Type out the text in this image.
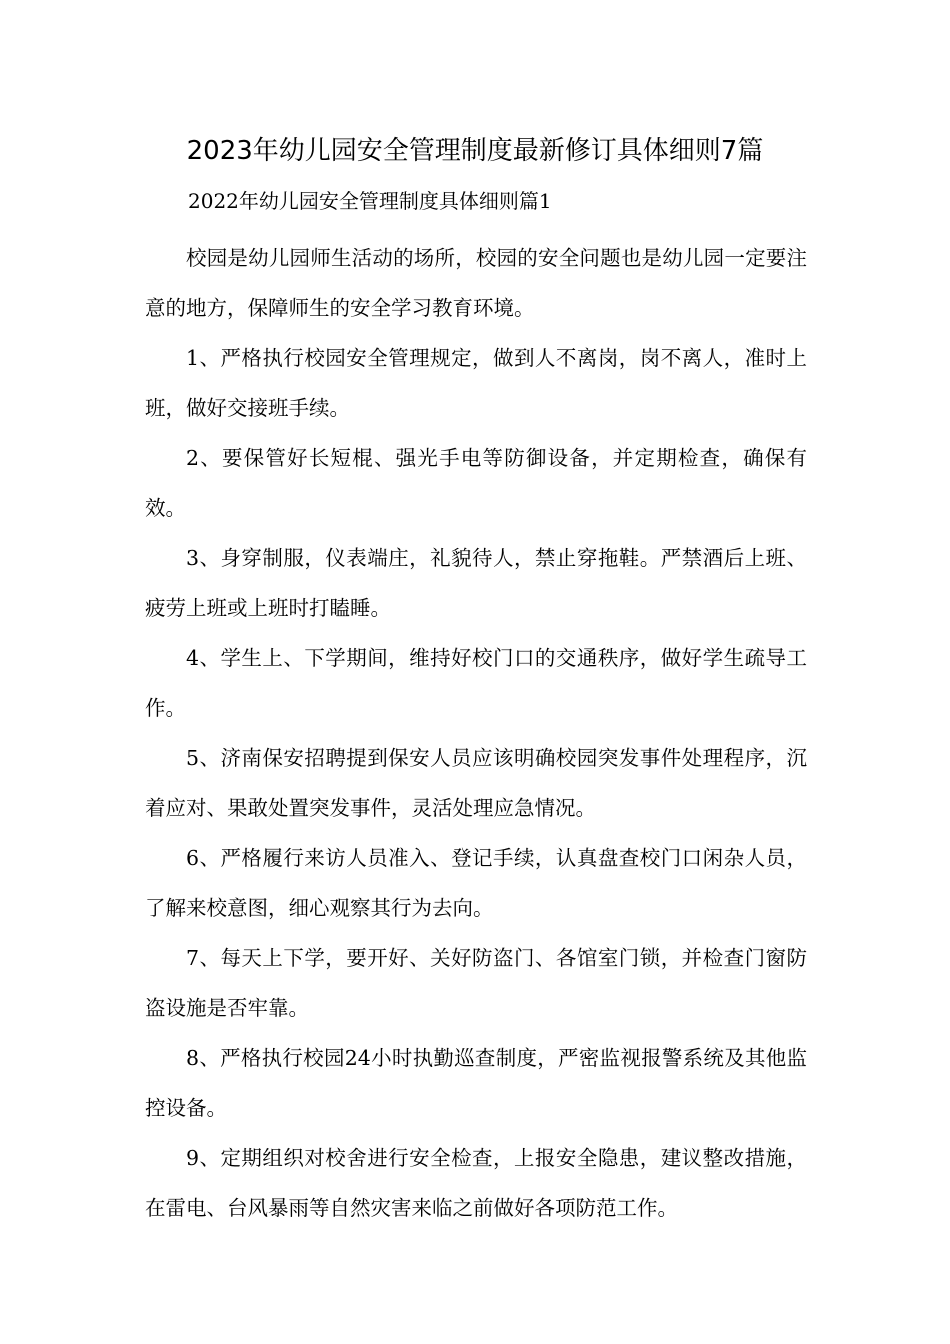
2023年幼儿园安全管理制度最新修订具体细则7篇
2022年幼儿园安全管理制度具体细则篇1

校园是幼儿园师生活动的场所，校园的安全问题也是幼儿园一定要注意的地方，保障师生的安全学习教育环境。

1、严格执行校园安全管理规定，做到人不离岗，岗不离人，准时上班，做好交接班手续。

2、要保管好长短棍、强光手电等防御设备，并定期检查，确保有效。

3、身穿制服，仪表端庄，礼貌待人，禁止穿拖鞋。严禁酒后上班、疲劳上班或上班时打瞌睡。

4、学生上、下学期间，维持好校门口的交通秩序，做好学生疏导工作。

5、济南保安招聘提到保安人员应该明确校园突发事件处理程序，沉着应对、果敢处置突发事件，灵活处理应急情况。

6、严格履行来访人员准入、登记手续，认真盘查校门口闲杂人员，了解来校意图，细心观察其行为去向。

7、每天上下学，要开好、关好防盗门、各馆室门锁，并检查门窗防盗设施是否牢靠。

8、严格执行校园24小时执勤巡查制度，严密监视报警系统及其他监控设备。

9、定期组织对校舍进行安全检查，上报安全隐患，建议整改措施，在雷电、台风暴雨等自然灾害来临之前做好各项防范工作。
